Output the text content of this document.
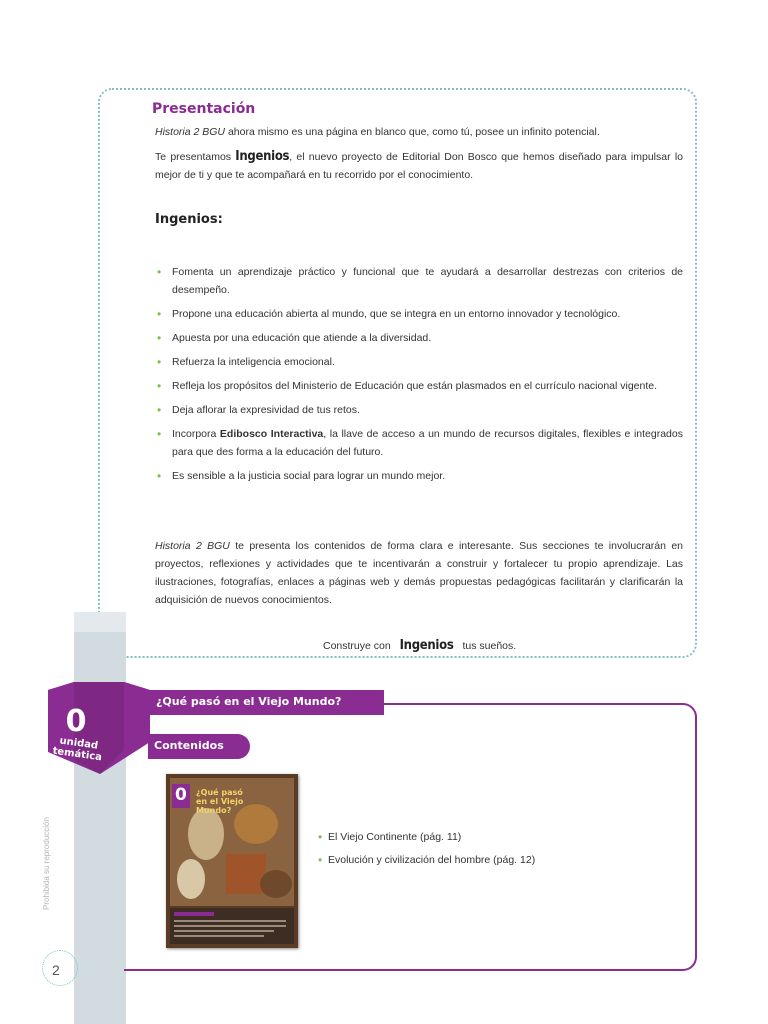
Presentación
Historia 2 BGU ahora mismo es una página en blanco que, como tú, posee un infinito potencial.
Te presentamos Ingenios, el nuevo proyecto de Editorial Don Bosco que hemos diseñado para impulsar lo mejor de ti y que te acompañará en tu recorrido por el conocimiento.
Ingenios:
• Fomenta un aprendizaje práctico y funcional que te ayudará a desarrollar destrezas con criterios de desempeño.
• Propone una educación abierta al mundo, que se integra en un entorno innovador y tecnológico.
• Apuesta por una educación que atiende a la diversidad.
• Refuerza la inteligencia emocional.
• Refleja los propósitos del Ministerio de Educación que están plasmados en el currículo nacional vigente.
• Deja aflorar la expresividad de tus retos.
• Incorpora Edibosco Interactiva, la llave de acceso a un mundo de recursos digitales, flexibles e integrados para que des forma a la educación del futuro.
• Es sensible a la justicia social para lograr un mundo mejor.
Historia 2 BGU te presenta los contenidos de forma clara e interesante. Sus secciones te involucrarán en proyectos, reflexiones y actividades que te incentivarán a construir y fortalecer tu propio aprendizaje. Las ilustraciones, fotografías, enlaces a páginas web y demás propuestas pedagógicas facilitarán y clarificarán la adquisición de nuevos conocimientos.
Construye con Ingenios tus sueños.
¿Qué pasó en el Viejo Mundo?
Contenidos
0
unidad temática
0 ¿Qué pasó en el Viejo Mundo?
• El Viejo Continente (pág. 11)
• Evolución y civilización del hombre (pág. 12)
Prohibida su reproducción
2
